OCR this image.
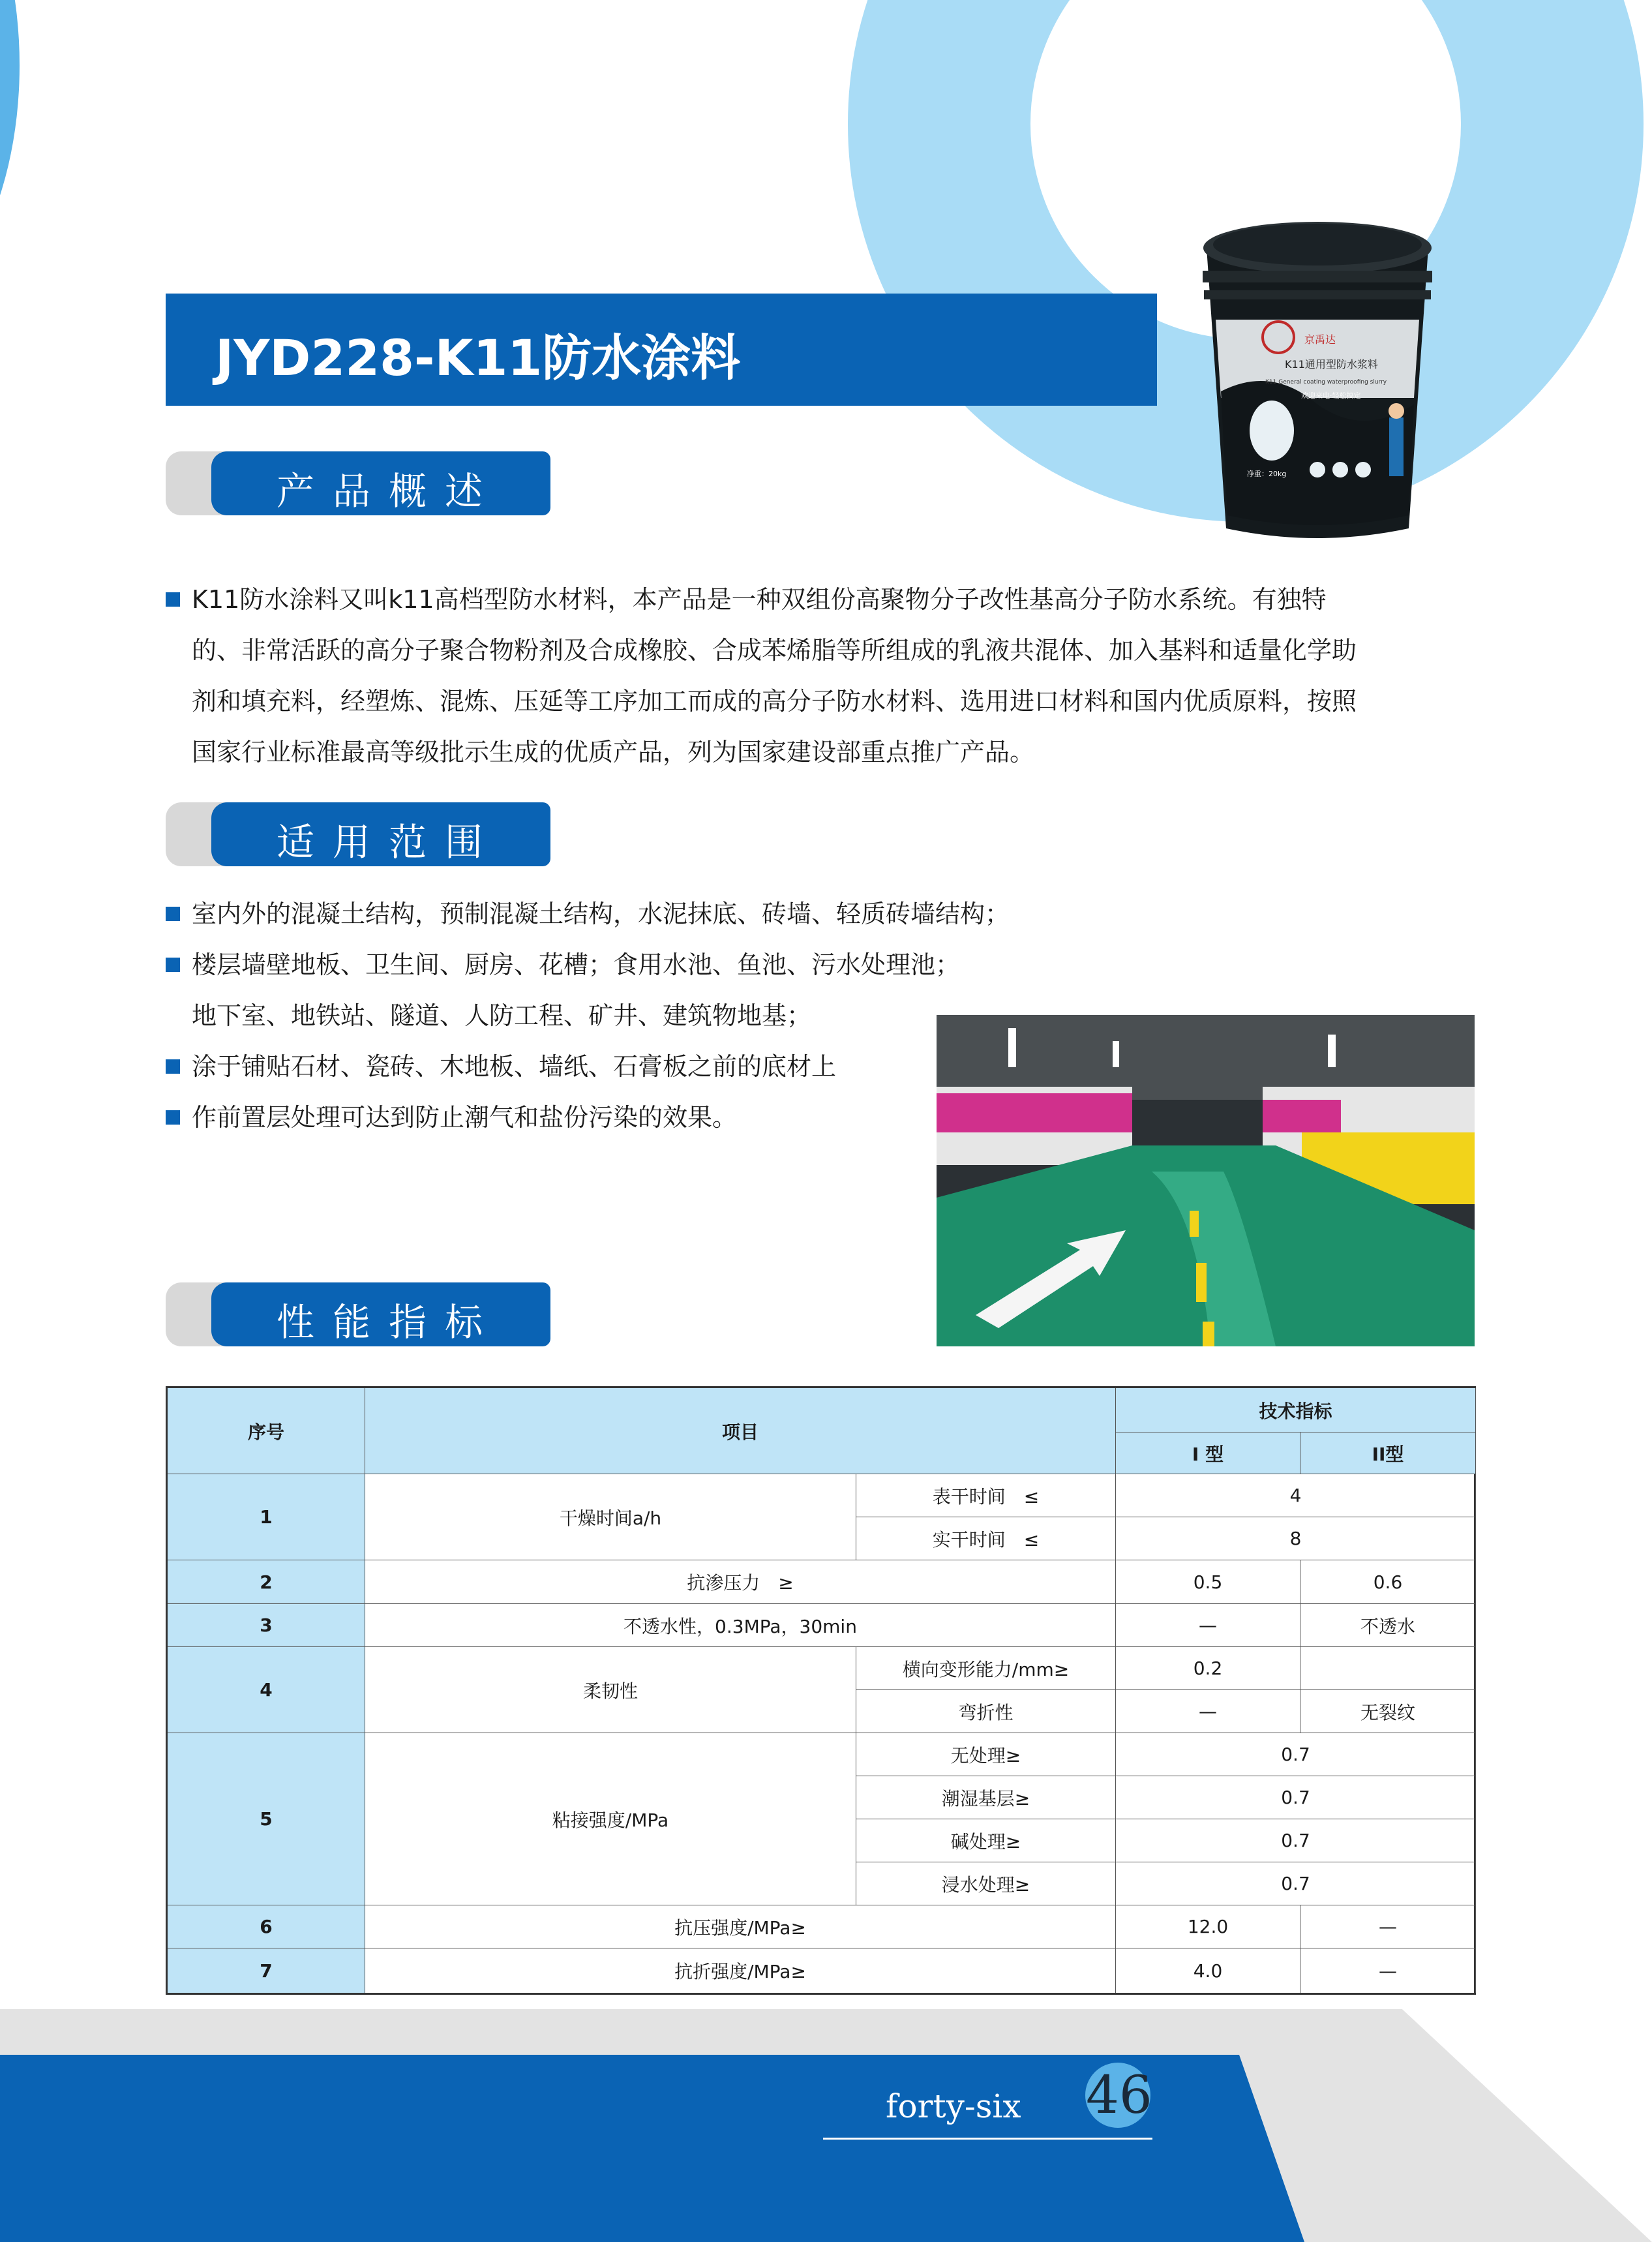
JYD228-K11防水涂料	K11通用型防水浆料
K11 General coating waterproofing slurry
欢迎来电·轻松搞定
京禹达
净重：20kg
产品概述
K11防水涂料又叫k11高档型防水材料，本产品是一种双组份高聚物分子改性基高分子防水系统。有独特
的、非常活跃的高分子聚合物粉剂及合成橡胶、合成苯烯脂等所组成的乳液共混体、加入基料和适量化学助
剂和填充料，经塑炼、混炼、压延等工序加工而成的高分子防水材料、选用进口材料和国内优质原料，按照
国家行业标准最高等级批示生成的优质产品，列为国家建设部重点推广产品。
适用范围
室内外的混凝土结构，预制混凝土结构，水泥抹底、砖墙、轻质砖墙结构；
楼层墙壁地板、卫生间、厨房、花槽；食用水池、鱼池、污水处理池；
地下室、地铁站、隧道、人防工程、矿井、建筑物地基；
涂于铺贴石材、瓷砖、木地板、墙纸、石膏板之前的底材上
作前置层处理可达到防止潮气和盐份污染的效果。
性能指标
序号	项目
技术指标
I 型	II型
1	干燥时间a/h
表干时间　≤	4
实干时间　≤	8
2	抗渗压力　≥	0.5	0.6
3	不透水性，0.3MPa，30min	—	不透水
4	柔韧性
横向变形能力/mm≥	0.2
弯折性	—	无裂纹
5	粘接强度/MPa
无处理≥	0.7
潮湿基层≥	0.7
碱处理≥	0.7
浸水处理≥	0.7
6	抗压强度/MPa≥	12.0	—
7	抗折强度/MPa≥	4.0	—
forty-six 46
